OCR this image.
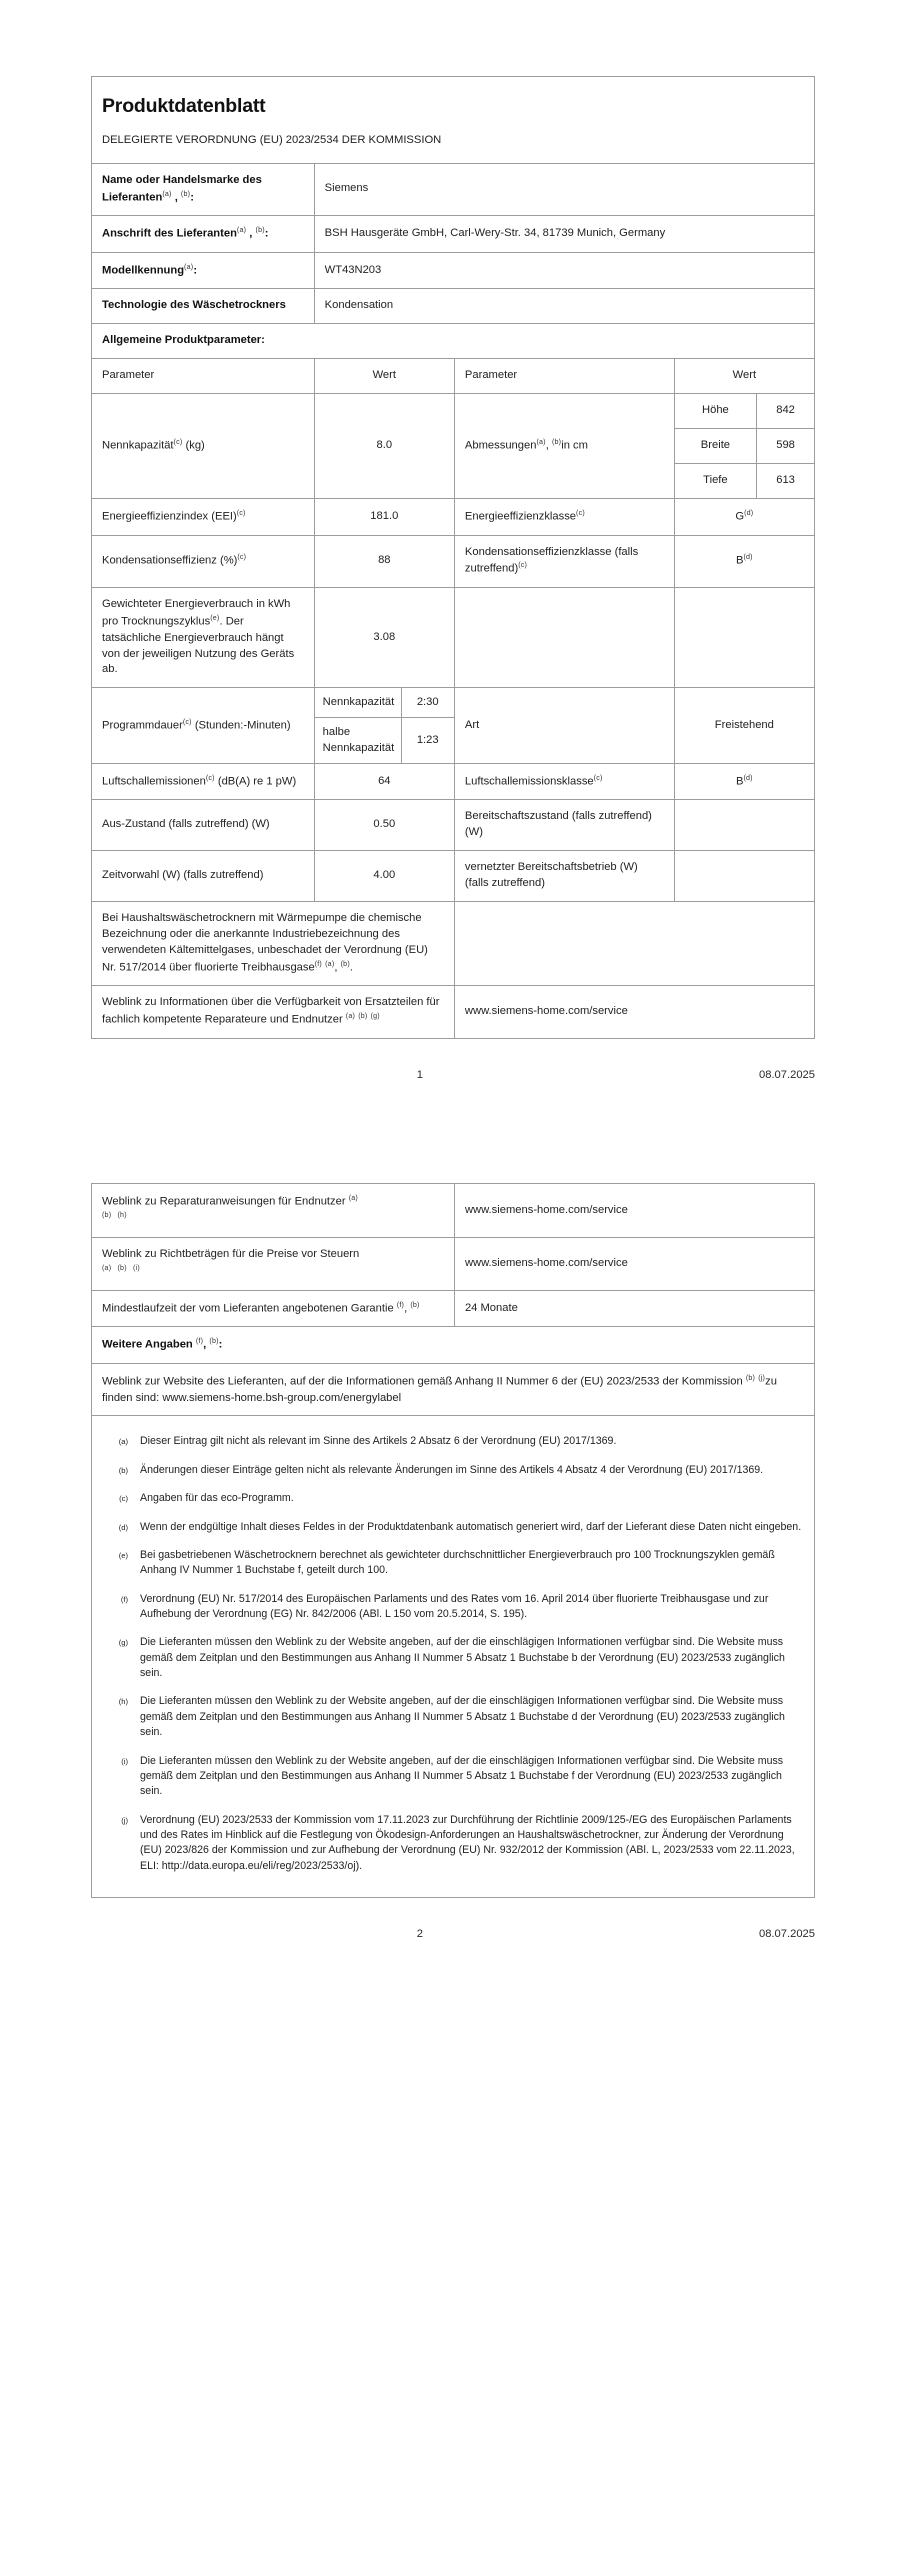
Produktdatenblatt
DELEGIERTE VERORDNUNG (EU) 2023/2534 DER KOMMISSION
Name oder Handelsmarke des Lieferanten$^{(a)}$ , $^{(b)}$:	Siemens
Anschrift des Lieferanten$^{(a)}$ , $^{(b)}$:	BSH Hausgeräte GmbH, Carl-Wery-Str. 34, 81739 Munich, Germany
Modellkennung$^{(a)}$:	WT43N203
Technologie des Wäschetrockners	Kondensation
Allgemeine Produktparameter:
Parameter	Wert	Parameter	Wert
Nennkapazität$^{(c)}$ (kg)	8.0	Abmessungen$^{(a)}$, $^{(b)}$in cm	Höhe	842
Breite	598
Tiefe	613
Energieeffizienzindex (EEI)$^{(c)}$	181.0	Energieeffizienzklasse$^{(c)}$	G$^{(d)}$
Kondensationseffizienz (%)$^{(c)}$	88	Kondensationseffizienzklasse (falls zutreffend)$^{(c)}$	B$^{(d)}$
Gewichteter Energieverbrauch in kWh pro Trocknungszyklus$^{(e)}$. Der tatsächliche Energieverbrauch hängt von der jeweiligen Nutzung des Geräts ab.	3.08		
Programmdauer$^{(c)}$ (Stunden:-Minuten)	
Nennkapazität	2:30
halbe Nennkapazität	1:23
	Art	Freistehend
Luftschallemissionen$^{(c)}$ (dB(A) re 1 pW)	64	Luftschallemissionsklasse$^{(c)}$	B$^{(d)}$
Aus-Zustand (falls zutreffend) (W)	0.50	Bereitschaftszustand (falls zutreffend) (W)	
Zeitvorwahl (W) (falls zutreffend)	4.00	vernetzter Bereitschaftsbetrieb (W) (falls zutreffend)	
Bei Haushaltswäschetrocknern mit Wärmepumpe die chemische Bezeichnung oder die anerkannte Industriebezeichnung des verwendeten Kältemittelgases, unbeschadet der Verordnung (EU) Nr. 517/2014 über fluorierte Treibhausgase$^{(f)}$ $^{(a)}$, $^{(b)}$.	
Weblink zu Informationen über die Verfügbarkeit von Ersatzteilen für fachlich kompetente Reparateure und Endnutzer $^{(a)}$ $^{(b)}$ $^{(g)}$	www.siemens-home.com/service
1	08.07.2025
Weblink zu Reparaturanweisungen für Endnutzer $^{(a)}$
$^{(b)}$ $^{(h)}$	www.siemens-home.com/service
Weblink zu Richtbeträgen für die Preise vor Steuern
$^{(a)}$ $^{(b)}$ $^{(i)}$	www.siemens-home.com/service
Mindestlaufzeit der vom Lieferanten angebotenen Garantie $^{(f)}$, $^{(b)}$	24 Monate
Weitere Angaben $^{(f)}$, $^{(b)}$:	
Weblink zur Website des Lieferanten, auf der die Informationen gemäß Anhang II Nummer 6 der (EU) 2023/2533 der Kommission $^{(b)}$ $^{(j)}$zu finden sind: www.siemens-home.bsh-group.com/energylabel	

(a)	Dieser Eintrag gilt nicht als relevant im Sinne des Artikels 2 Absatz 6 der Verordnung (EU) 2017/1369.
(b)	Änderungen dieser Einträge gelten nicht als relevante Änderungen im Sinne des Artikels 4 Absatz 4 der Verordnung (EU) 2017/1369.
(c)	Angaben für das eco-Programm.
(d)	Wenn der endgültige Inhalt dieses Feldes in der Produktdatenbank automatisch generiert wird, darf der Lieferant diese Daten nicht eingeben.
(e)	Bei gasbetriebenen Wäschetrocknern berechnet als gewichteter durchschnittlicher Energieverbrauch pro 100 Trocknungszyklen gemäß Anhang IV Nummer 1 Buchstabe f, geteilt durch 100.
(f)	Verordnung (EU) Nr. 517/2014 des Europäischen Parlaments und des Rates vom 16. April 2014 über fluorierte Treibhausgase und zur Aufhebung der Verordnung (EG) Nr. 842/2006 (ABl. L 150 vom 20.5.2014, S. 195).
(g)	Die Lieferanten müssen den Weblink zu der Website angeben, auf der die einschlägigen Informationen verfügbar sind. Die Website muss gemäß dem Zeitplan und den Bestimmungen aus Anhang II Nummer 5 Absatz 1 Buchstabe b der Verordnung (EU) 2023/2533 zugänglich sein.
(h)	Die Lieferanten müssen den Weblink zu der Website angeben, auf der die einschlägigen Informationen verfügbar sind. Die Website muss gemäß dem Zeitplan und den Bestimmungen aus Anhang II Nummer 5 Absatz 1 Buchstabe d der Verordnung (EU) 2023/2533 zugänglich sein.
(i)	Die Lieferanten müssen den Weblink zu der Website angeben, auf der die einschlägigen Informationen verfügbar sind. Die Website muss gemäß dem Zeitplan und den Bestimmungen aus Anhang II Nummer 5 Absatz 1 Buchstabe f der Verordnung (EU) 2023/2533 zugänglich sein.
(j)	Verordnung (EU) 2023/2533 der Kommission vom 17.11.2023 zur Durchführung der Richtlinie 2009/125-/EG des Europäischen Parlaments und des Rates im Hinblick auf die Festlegung von Ökodesign-Anforderungen an Haushaltswäschetrockner, zur Änderung der Verordnung (EU) 2023/826 der Kommission und zur Aufhebung der Verordnung (EU) Nr. 932/2012 der Kommission (ABl. L, 2023/2533 vom 22.11.2023, ELI: http://data.europa.eu/eli/reg/2023/2533/oj).
2	08.07.2025
